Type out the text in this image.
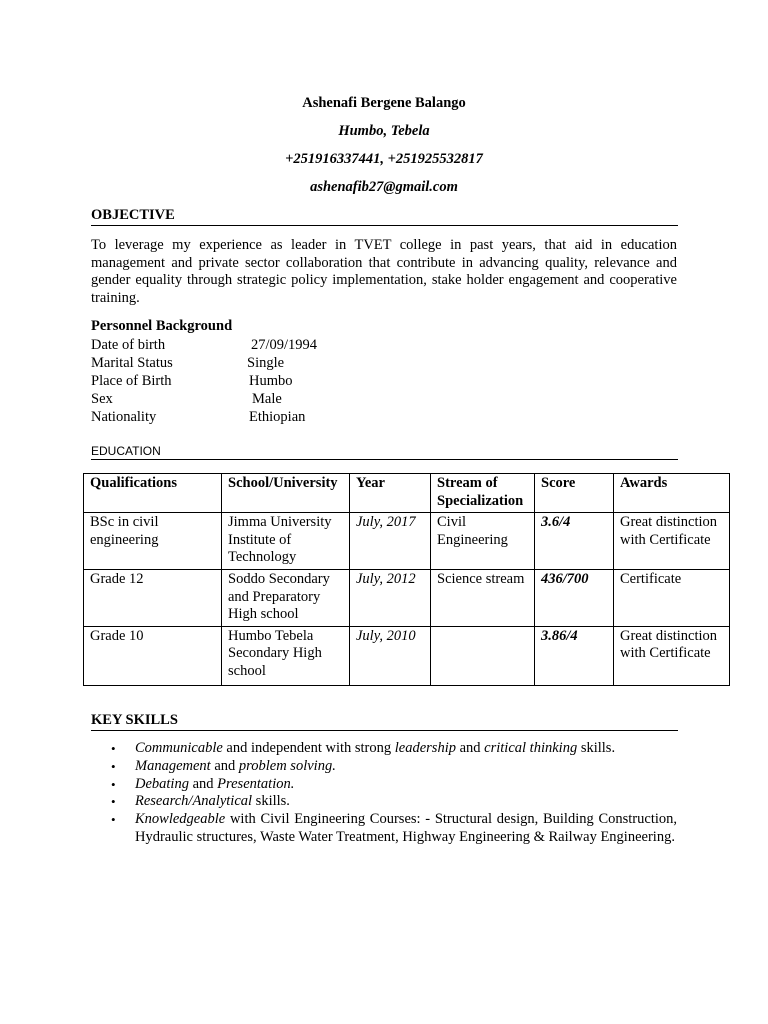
Ashenafi Bergene Balango
Humbo, Tebela
+251916337441, +251925532817
ashenafib27@gmail.com
OBJECTIVE

To leverage my experience as leader in TVET college in past years, that aid in education management and private sector collaboration that contribute in advancing quality, relevance and gender equality through strategic policy implementation, stake holder engagement and cooperative training.

Personnel Background
Date of birth	27/09/1994
Marital Status	Single
Place of Birth	Humbo
Sex	Male
Nationality	Ethiopian
EDUCATION
Qualifications	School/University	Year	Stream of Specialization	Score	Awards
BSc in civil engineering	Jimma University Institute of Technology	July, 2017	Civil Engineering	3.6/4	Great distinction with Certificate
Grade 12	Soddo Secondary and Preparatory High school	July, 2012	Science stream	436/700	Certificate
Grade 10	Humbo Tebela Secondary High school	July, 2010		3.86/4	Great distinction with Certificate
KEY SKILLS
• Communicable and independent with strong leadership and critical thinking skills.
• Management and problem solving.
• Debating and Presentation.
• Research/Analytical skills.
• Knowledgeable with Civil Engineering Courses: - Structural design, Building Construction, Hydraulic structures, Waste Water Treatment, Highway Engineering & Railway Engineering.
